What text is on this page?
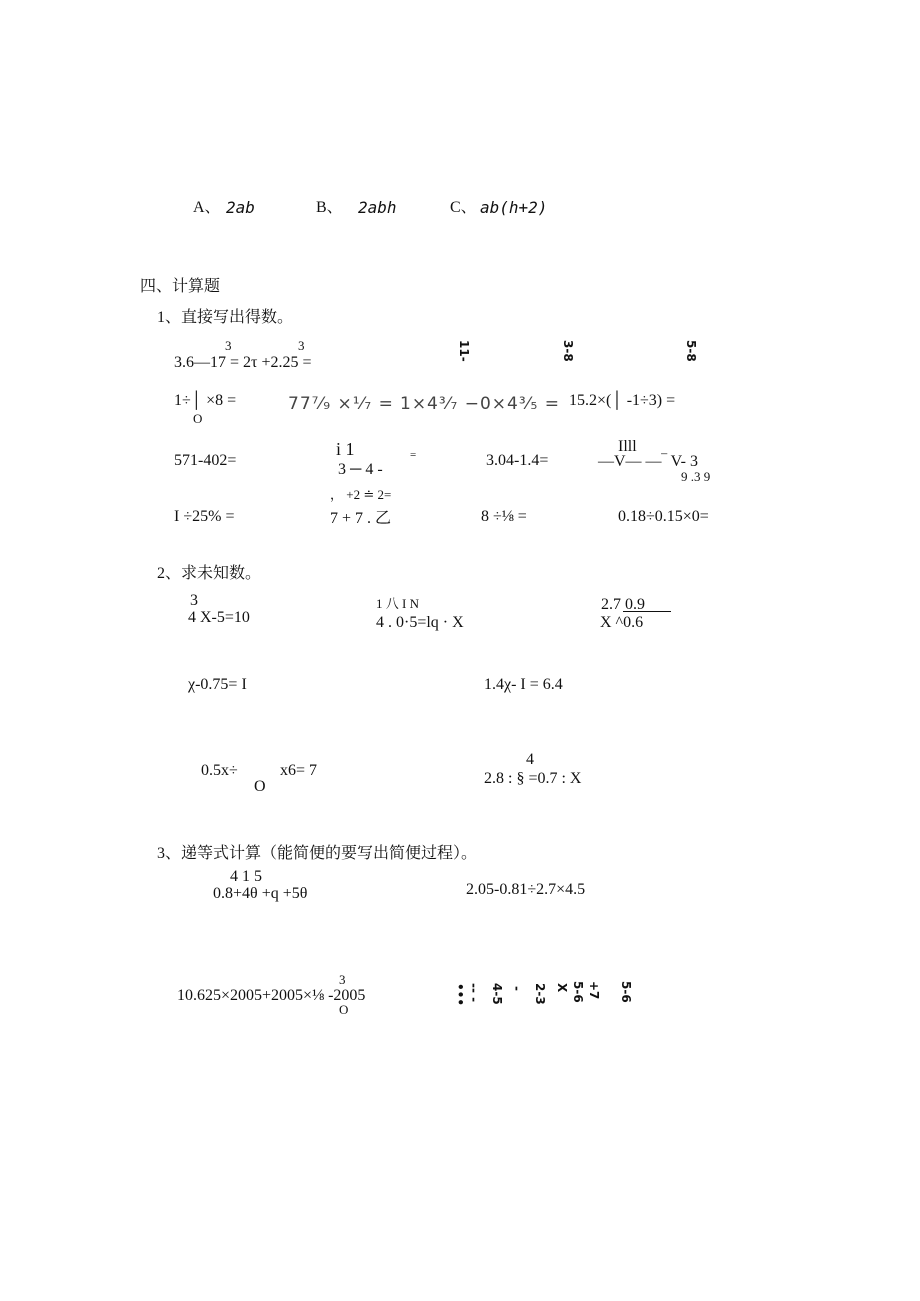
A、 2ab	B、 2abh	C、 ab(h+2)
四、计算题
1、直接写出得数。
3	3
3.6—17 = 2τ +2.25 =
11-	3-8	5-8
1÷│ ×8 =
O
77⁷⁄₉ ×¹⁄₇ = 1×4³⁄₇ −0×4³⁄₅ = 15.2×(│ -1÷3) =
571-402=
i 1
3 ─ 4 -
=	3.04-1.4=
Illl
—V— —‾ V- 3
9 .3 9
， +2 ≐ 2=
I ÷25% =	7 + 7 . 乙	8 ÷⅛ =	0.18÷0.15×0=
2、求未知数。
3
4 X-5=10
1 八 I N
4 . 0·5=lq · X
2.7 0.9
X ^0.6
χ-0.75= I	1.4χ- I = 6.4
0.5x÷
O
x6= 7
4
2.8 : § =0.7 : X
3、递等式计算（能简便的要写出简便过程）。
4 1 5
0.8+4θ +q +5θ	2.05-0.81÷2.7×4.5
3
10.625×2005+2005×⅛ -2005
O
••• -- - 4-5 - 2-3 X 5-6 +7 5-6
